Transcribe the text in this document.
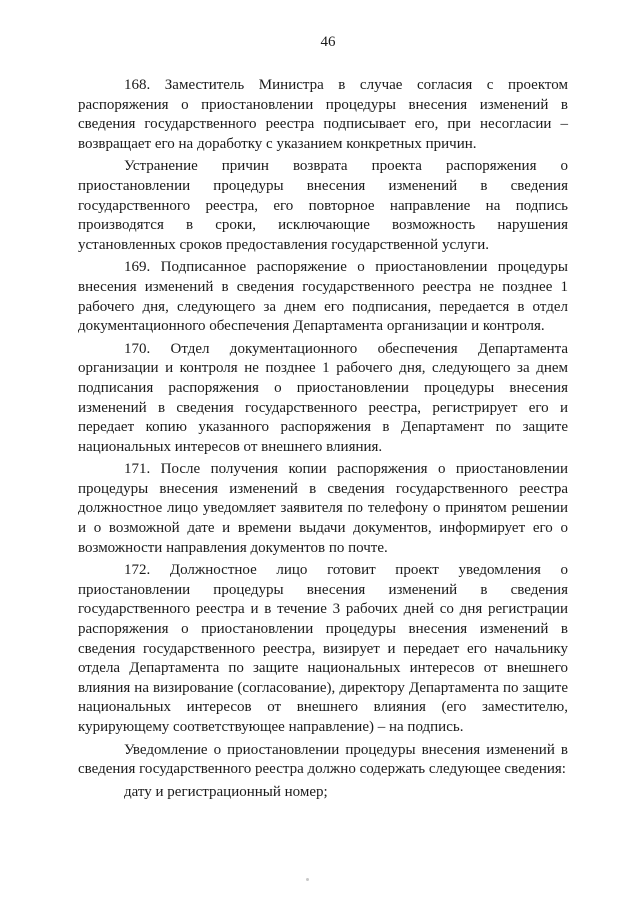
46

168. Заместитель Министра в случае согласия с проектом распоряжения о приостановлении процедуры внесения изменений в сведения государственного реестра подписывает его, при несогласии – возвращает его на доработку с указанием конкретных причин.

Устранение причин возврата проекта распоряжения о приостановлении процедуры внесения изменений в сведения государственного реестра, его повторное направление на подпись производятся в сроки, исключающие возможность нарушения установленных сроков предоставления государственной услуги.

169. Подписанное распоряжение о приостановлении процедуры внесения изменений в сведения государственного реестра не позднее 1 рабочего дня, следующего за днем его подписания, передается в отдел документационного обеспечения Департамента организации и контроля.

170. Отдел документационного обеспечения Департамента организации и контроля не позднее 1 рабочего дня, следующего за днем подписания распоряжения о приостановлении процедуры внесения изменений в сведения государственного реестра, регистрирует его и передает копию указанного распоряжения в Департамент по защите национальных интересов от внешнего влияния.

171. После получения копии распоряжения о приостановлении процедуры внесения изменений в сведения государственного реестра должностное лицо уведомляет заявителя по телефону о принятом решении и о возможной дате и времени выдачи документов, информирует его о возможности направления документов по почте.

172. Должностное лицо готовит проект уведомления о приостановлении процедуры внесения изменений в сведения государственного реестра и в течение 3 рабочих дней со дня регистрации распоряжения о приостановлении процедуры внесения изменений в сведения государственного реестра, визирует и передает его начальнику отдела Департамента по защите национальных интересов от внешнего влияния на визирование (согласование), директору Департамента по защите национальных интересов от внешнего влияния (его заместителю, курирующему соответствующее направление) – на подпись.

Уведомление о приостановлении процедуры внесения изменений в сведения государственного реестра должно содержать следующее сведения:

дату и регистрационный номер;
